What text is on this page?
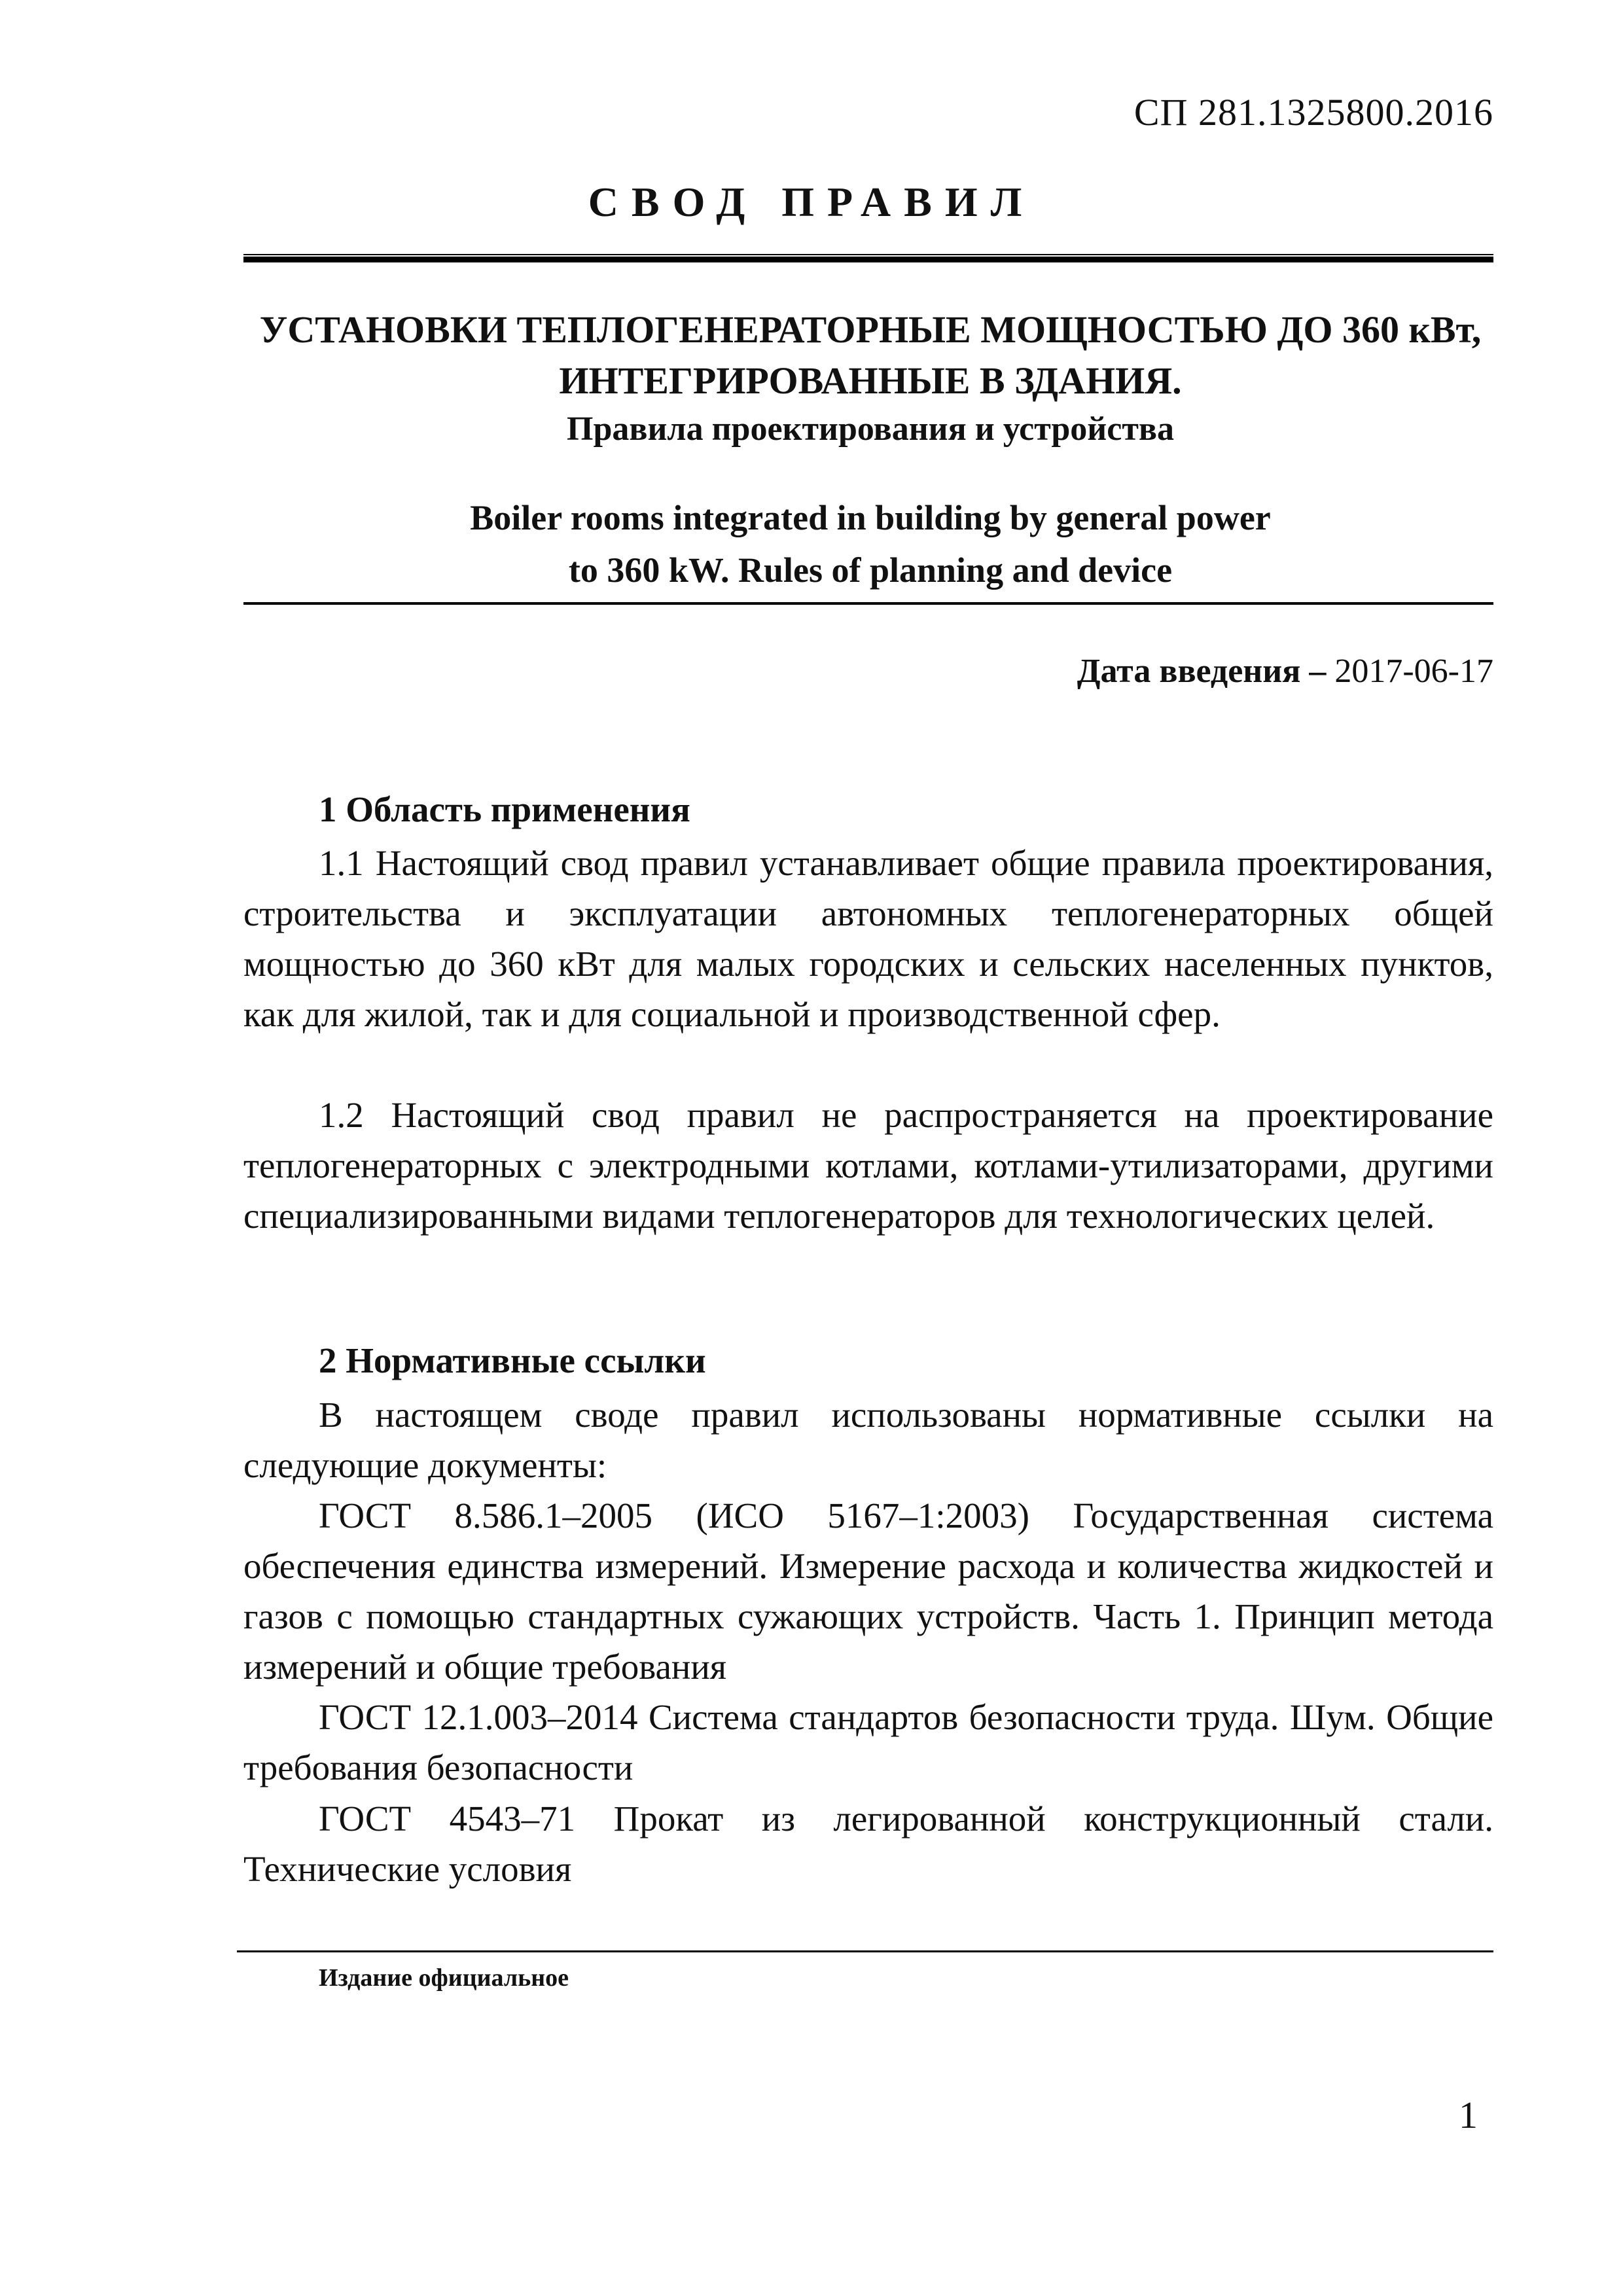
СП 281.1325800.2016
СВОД ПРАВИЛ
УСТАНОВКИ ТЕПЛОГЕНЕРАТОРНЫЕ МОЩНОСТЬЮ ДО 360 кВт,
ИНТЕГРИРОВАННЫЕ В ЗДАНИЯ.
Правила проектирования и устройства
Boiler rooms integrated in building by general power
to 360 kW. Rules of planning and device
Дата введения – 2017-06-17
1 Область применения
1.1 Настоящий свод правил устанавливает общие правила проектирования, строительства и эксплуатации автономных теплогенераторных общей мощностью до 360 кВт для малых городских и сельских населенных пунктов, как для жилой, так и для социальной и производственной сфер.
1.2 Настоящий свод правил не распространяется на проектирование теплогенераторных с электродными котлами, котлами-утилизаторами, другими специализированными видами теплогенераторов для технологических целей.
2 Нормативные ссылки
В настоящем своде правил использованы нормативные ссылки на следующие документы:
ГОСТ 8.586.1–2005 (ИСО 5167–1:2003) Государственная система обеспечения единства измерений. Измерение расхода и количества жидкостей и газов с помощью стандартных сужающих устройств. Часть 1. Принцип метода измерений и общие требования
ГОСТ 12.1.003–2014 Система стандартов безопасности труда. Шум. Общие требования безопасности
ГОСТ 4543–71 Прокат из легированной конструкционный стали. Технические условия
Издание официальное
1
